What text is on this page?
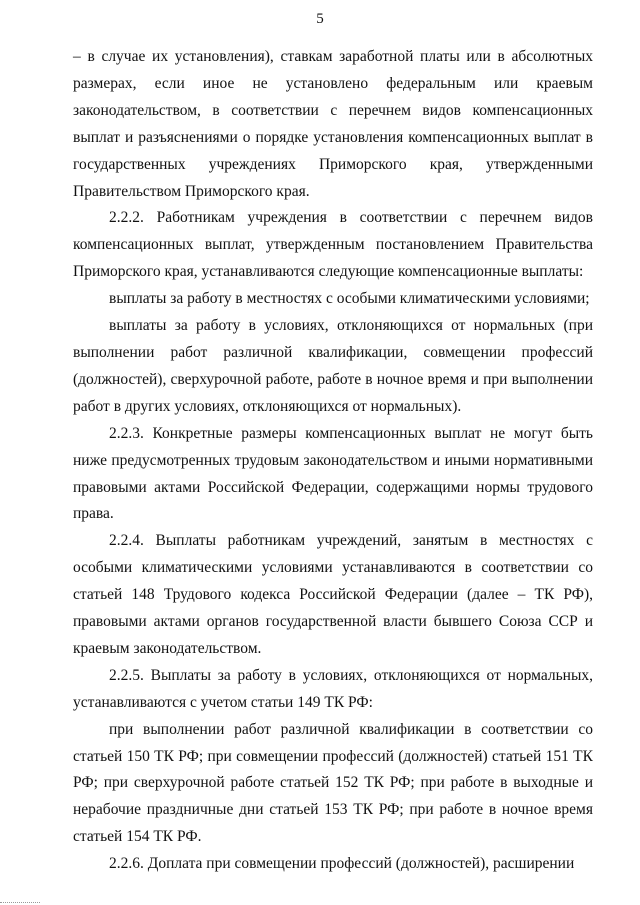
5

– в случае их установления), ставкам заработной платы или в абсолютных размерах, если иное не установлено федеральным или краевым законодательством, в соответствии с перечнем видов компенсационных выплат и разъяснениями о порядке установления компенсационных выплат в государственных учреждениях Приморского края, утвержденными Правительством Приморского края.

2.2.2. Работникам учреждения в соответствии с перечнем видов компенсационных выплат, утвержденным постановлением Правительства Приморского края, устанавливаются следующие компенсационные выплаты:

выплаты за работу в местностях с особыми климатическими условиями;

выплаты за работу в условиях, отклоняющихся от нормальных (при выполнении работ различной квалификации, совмещении профессий (должностей), сверхурочной работе, работе в ночное время и при выполнении работ в других условиях, отклоняющихся от нормальных).

2.2.3. Конкретные размеры компенсационных выплат не могут быть ниже предусмотренных трудовым законодательством и иными нормативными правовыми актами Российской Федерации, содержащими нормы трудового права.

2.2.4. Выплаты работникам учреждений, занятым в местностях с особыми климатическими условиями устанавливаются в соответствии со статьей 148 Трудового кодекса Российской Федерации (далее – ТК РФ), правовыми актами органов государственной власти бывшего Союза ССР и краевым законодательством.

2.2.5. Выплаты за работу в условиях, отклоняющихся от нормальных, устанавливаются с учетом статьи 149 ТК РФ:

при выполнении работ различной квалификации в соответствии со статьей 150 ТК РФ; при совмещении профессий (должностей) статьей 151 ТК РФ; при сверхурочной работе статьей 152 ТК РФ; при работе в выходные и нерабочие праздничные дни статьей 153 ТК РФ; при работе в ночное время статьей 154 ТК РФ.

2.2.6. Доплата при совмещении профессий (должностей), расширении
